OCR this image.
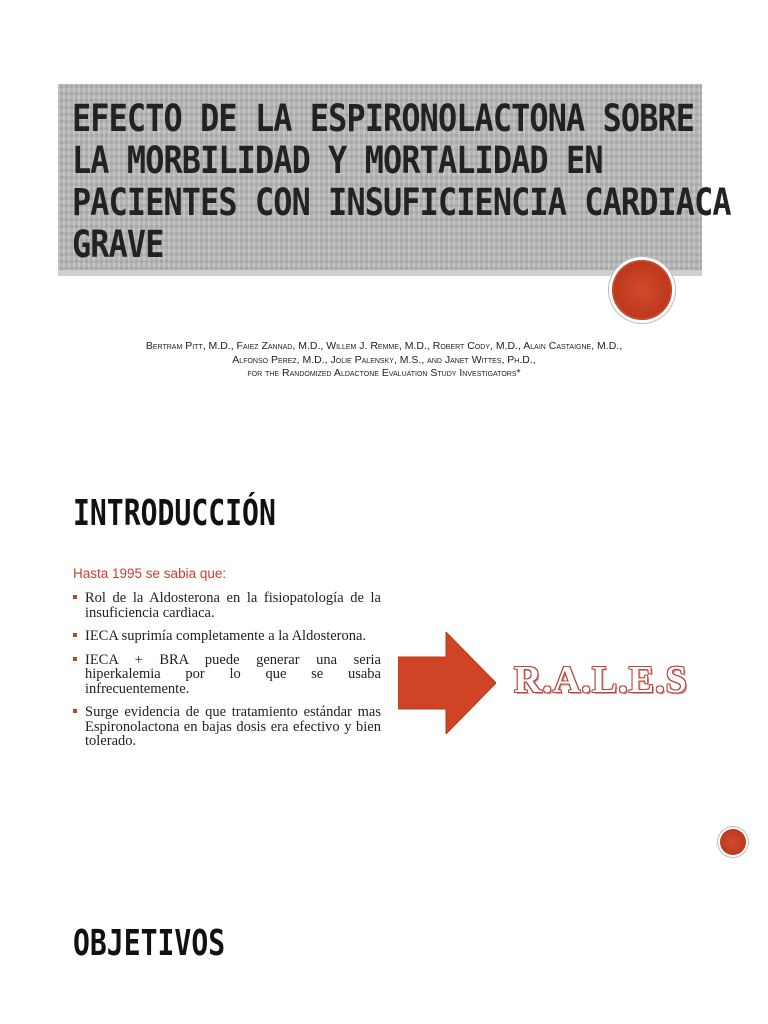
EFECTO DE LA ESPIRONOLACTONA SOBRE
LA MORBILIDAD Y MORTALIDAD EN
PACIENTES CON INSUFICIENCIA CARDIACA
GRAVE
Bertram Pitt, M.D., Faiez Zannad, M.D., Willem J. Remme, M.D., Robert Cody, M.D., Alain Castaigne, M.D.,
Alfonso Perez, M.D., Jolie Palensky, M.S., and Janet Wittes, Ph.D.,
for the Randomized Aldactone Evaluation Study Investigators*
INTRODUCCIÓN
Hasta 1995 se sabia que:
Rol de la Aldosterona en la fisiopatología de la insuficiencia cardiaca.
IECA suprimía completamente a la Aldosterona.
IECA + BRA puede generar una seria hiperkalemia por lo que se usaba infrecuentemente.
Surge evidencia de que tratamiento estándar mas Espironolactona en bajas dosis era efectivo y bien tolerado.
R.A.L.E.S
OBJETIVOS
